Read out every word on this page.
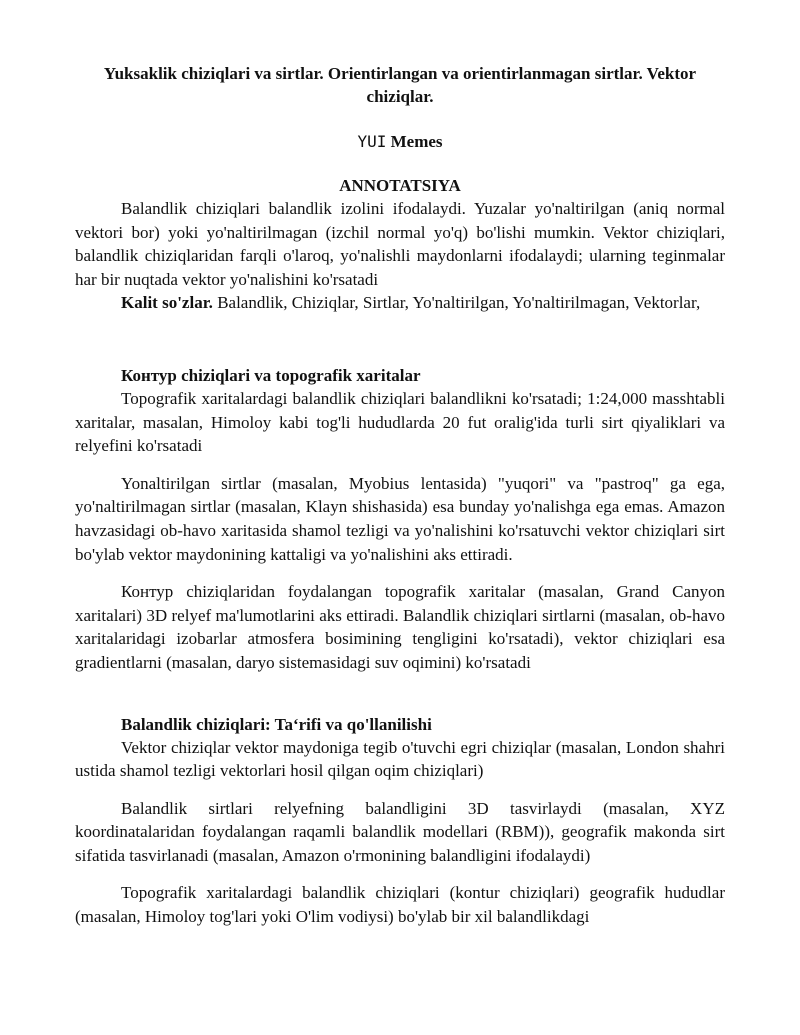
Yuksaklik chiziqlari va sirtlar. Orientirlangan va orientirlanmagan sirtlar. Vektor chiziqlar.
YUI Memes
ANNOTATSIYA

Balandlik chiziqlari balandlik izolini ifodalaydi. Yuzalar yo'naltirilgan (aniq normal vektori bor) yoki yo'naltirilmagan (izchil normal yo'q) bo'lishi mumkin. Vektor chiziqlari, balandlik chiziqlaridan farqli o'laroq, yo'nalishli maydonlarni ifodalaydi; ularning teginmalar har bir nuqtada vektor yo'nalishini ko'rsatadi

Kalit so'zlar. Balandlik, Chiziqlar, Sirtlar, Yo'naltirilgan, Yo'naltirilmagan, Vektorlar,

Контур chiziqlari va topografik xaritalar

Topografik xaritalardagi balandlik chiziqlari balandlikni ko'rsatadi; 1:24,000 masshtabli xaritalar, masalan, Himoloy kabi tog'li hududlarda 20 fut oralig'ida turli sirt qiyaliklari va relyefini ko'rsatadi

Yonaltirilgan sirtlar (masalan, Myobius lentasida) "yuqori" va "pastroq" ga ega, yo'naltirilmagan sirtlar (masalan, Klayn shishasida) esa bunday yo'nalishga ega emas. Amazon havzasidagi ob-havo xaritasida shamol tezligi va yo'nalishini ko'rsatuvchi vektor chiziqlari sirt bo'ylab vektor maydonining kattaligi va yo'nalishini aks ettiradi.

Контур chiziqlaridan foydalangan topografik xaritalar (masalan, Grand Canyon xaritalari) 3D relyef ma'lumotlarini aks ettiradi. Balandlik chiziqlari sirtlarni (masalan, ob-havo xaritalaridagi izobarlar atmosfera bosimining tengligini ko'rsatadi), vektor chiziqlari esa gradientlarni (masalan, daryo sistemasidagi suv oqimini) ko'rsatadi

Balandlik chiziqlari: Taʻrifi va qo'llanilishi

Vektor chiziqlar vektor maydoniga tegib o'tuvchi egri chiziqlar (masalan, London shahri ustida shamol tezligi vektorlari hosil qilgan oqim chiziqlari)

Balandlik sirtlari relyefning balandligini 3D tasvirlaydi (masalan, XYZ koordinatalaridan foydalangan raqamli balandlik modellari (RBM)), geografik makonda sirt sifatida tasvirlanadi (masalan, Amazon o'rmonining balandligini ifodalaydi)

Topografik xaritalardagi balandlik chiziqlari (kontur chiziqlari) geografik hududlar (masalan, Himoloy tog'lari yoki O'lim vodiysi) bo'ylab bir xil balandlikdagi
